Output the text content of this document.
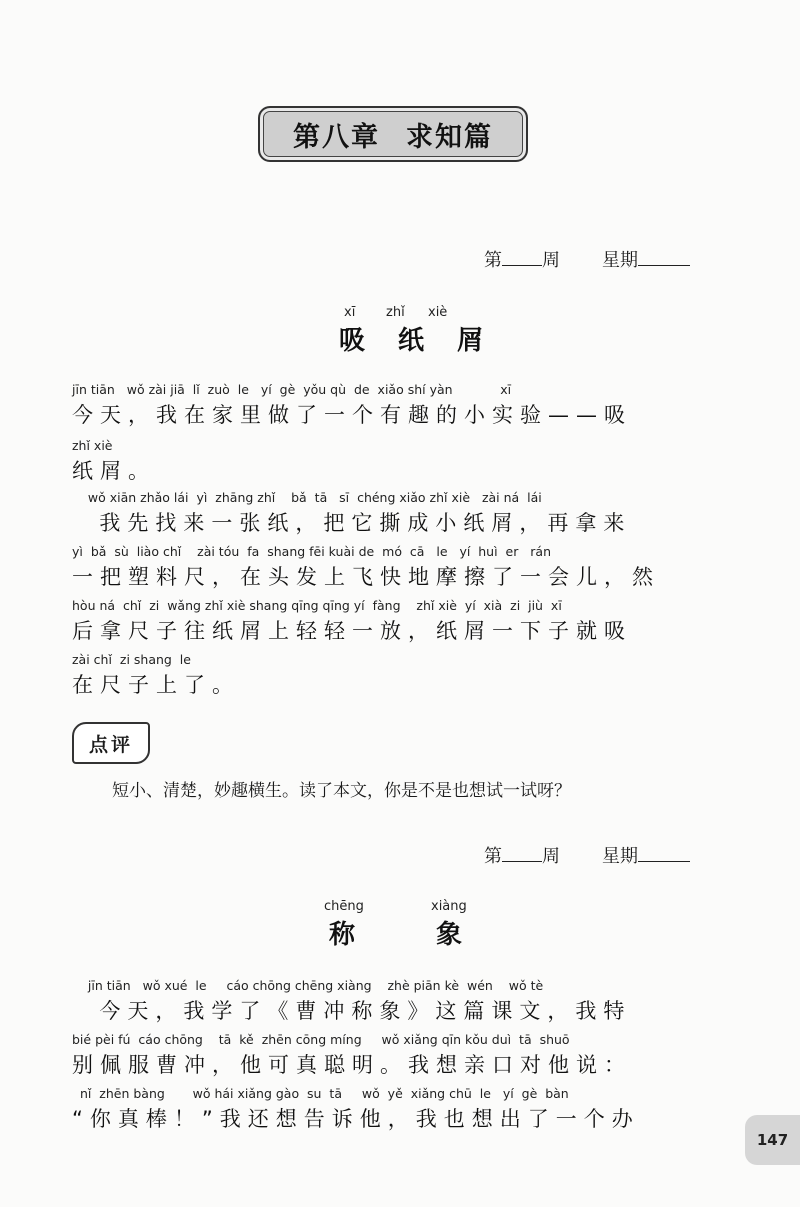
第八章 求知篇
第 周 星期
xī zhǐ xiè
吸 纸 屑
jīn tiān   wǒ zài jiā  lǐ  zuò  le   yí  gè  yǒu qù  de  xiǎo shí yàn            xī
今天，我在家里做了一个有趣的小实验——吸
zhǐ xiè
纸屑。
wǒ xiān zhǎo lái  yì  zhāng zhǐ    bǎ  tā   sī  chéng xiǎo zhǐ xiè   zài ná  lái
我先找来一张纸，把它撕成小纸屑，再拿来
yì  bǎ  sù  liào chǐ    zài tóu  fa  shang fēi kuài de  mó  cā   le   yí  huì  er   rán
一把塑料尺，在头发上飞快地摩擦了一会儿，然
hòu ná  chǐ  zi  wǎng zhǐ xiè shang qīng qīng yí  fàng    zhǐ xiè  yí  xià  zi  jiù  xī
后拿尺子往纸屑上轻轻一放，纸屑一下子就吸
zài chǐ  zi shang  le
在尺子上了。
点评
短小、清楚，妙趣横生。读了本文，你是不是也想试一试呀？
第 周 星期
chēng	xiàng
称	象
jīn tiān   wǒ xué  le     cáo chōng chēng xiàng    zhè piān kè  wén    wǒ tè
今天，我学了《曹冲称象》这篇课文，我特
bié pèi fú  cáo chōng    tā  kě  zhēn cōng míng     wǒ xiǎng qīn kǒu duì  tā  shuō
别佩服曹冲，他可真聪明。我想亲口对他说：
nǐ  zhēn bàng       wǒ hái xiǎng gào  su  tā     wǒ  yě  xiǎng chū  le   yí  gè  bàn
“你真棒！”我还想告诉他，我也想出了一个办
147
